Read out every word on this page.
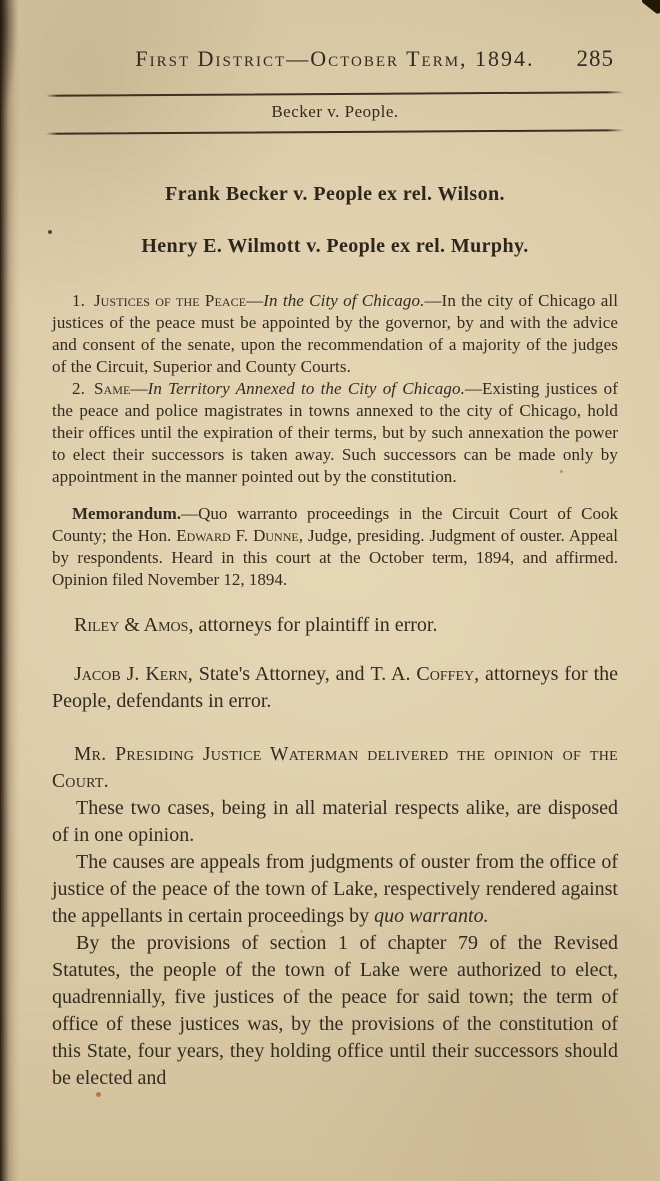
First District—October Term, 1894. 285
Becker v. People.
Frank Becker v. People ex rel. Wilson.
Henry E. Wilmott v. People ex rel. Murphy.

1. Justices of the Peace—In the City of Chicago.—In the city of Chicago all justices of the peace must be appointed by the governor, by and with the advice and consent of the senate, upon the recommendation of a majority of the judges of the Circuit, Superior and County Courts.

2. Same—In Territory Annexed to the City of Chicago.—Existing justices of the peace and police magistrates in towns annexed to the city of Chicago, hold their offices until the expiration of their terms, but by such annexation the power to elect their successors is taken away. Such successors can be made only by appointment in the manner pointed out by the constitution.

Memorandum.—Quo warranto proceedings in the Circuit Court of Cook County; the Hon. Edward F. Dunne, Judge, presiding. Judgment of ouster. Appeal by respondents. Heard in this court at the October term, 1894, and affirmed. Opinion filed November 12, 1894.

Riley & Amos, attorneys for plaintiff in error.

Jacob J. Kern, State's Attorney, and T. A. Coffey, attorneys for the People, defendants in error.

Mr. Presiding Justice Waterman delivered the opinion of the Court.

These two cases, being in all material respects alike, are disposed of in one opinion.

The causes are appeals from judgments of ouster from the office of justice of the peace of the town of Lake, respectively rendered against the appellants in certain proceedings by quo warranto.

By the provisions of section 1 of chapter 79 of the Revised Statutes, the people of the town of Lake were authorized to elect, quadrennially, five justices of the peace for said town; the term of office of these justices was, by the provisions of the constitution of this State, four years, they holding office until their successors should be elected and
